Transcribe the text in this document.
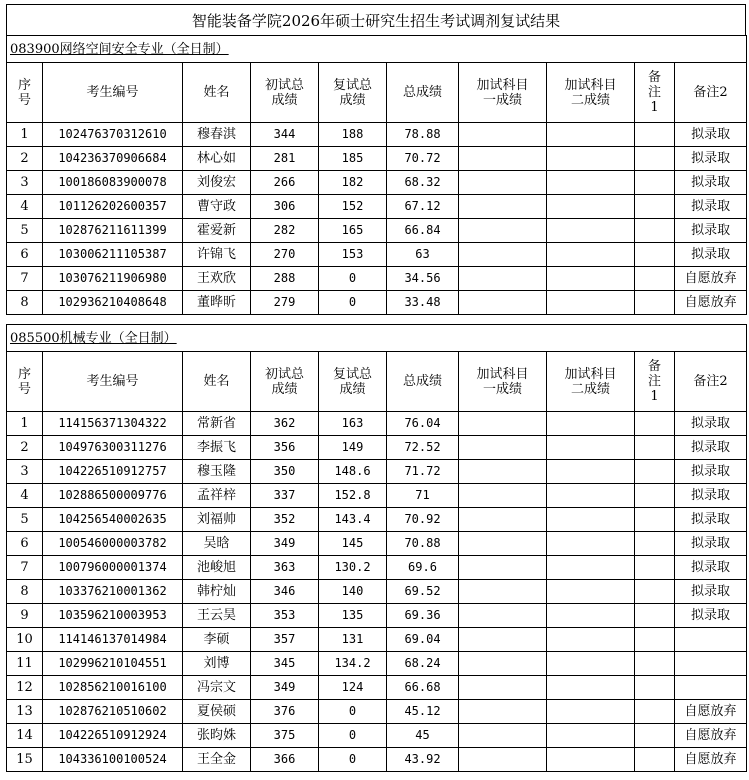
智能装备学院2026年硕士研究生招生考试调剂复试结果
083900网络空间安全专业（全日制）									
序号	考生编号	姓名	初试总成绩	复试总成绩	总成绩	加试科目一成绩	加试科目二成绩	备注1	备注2
1	102476370312610	穆春淇	344	188	78.88				拟录取
2	104236370906684	林心如	281	185	70.72				拟录取
3	100186083900078	刘俊宏	266	182	68.32				拟录取
4	101126202600357	曹守政	306	152	67.12				拟录取
5	102876211611399	霍爱新	282	165	66.84				拟录取
6	103006211105387	许锦飞	270	153	63				拟录取
7	103076211906980	王欢欣	288	0	34.56				自愿放弃
8	102936210408648	董晔昕	279	0	33.48				自愿放弃
085500机械专业（全日制）									
序号	考生编号	姓名	初试总成绩	复试总成绩	总成绩	加试科目一成绩	加试科目二成绩	备注1	备注2
1	114156371304322	常新省	362	163	76.04				拟录取
2	104976300311276	李振飞	356	149	72.52				拟录取
3	104226510912757	穆玉隆	350	148.6	71.72				拟录取
4	102886500009776	孟祥梓	337	152.8	71				拟录取
5	104256540002635	刘福帅	352	143.4	70.92				拟录取
6	100546000003782	吴晗	349	145	70.88				拟录取
7	100796000001374	池峻旭	363	130.2	69.6				拟录取
8	103376210001362	韩柠灿	346	140	69.52				拟录取
9	103596210003953	王云昊	353	135	69.36				拟录取
10	114146137014984	李硕	357	131	69.04				
11	102996210104551	刘博	345	134.2	68.24				
12	102856210016100	冯宗文	349	124	66.68				
13	102876210510602	夏侯硕	376	0	45.12				自愿放弃
14	104226510912924	张昀姝	375	0	45				自愿放弃
15	104336100100524	王全金	366	0	43.92				自愿放弃
